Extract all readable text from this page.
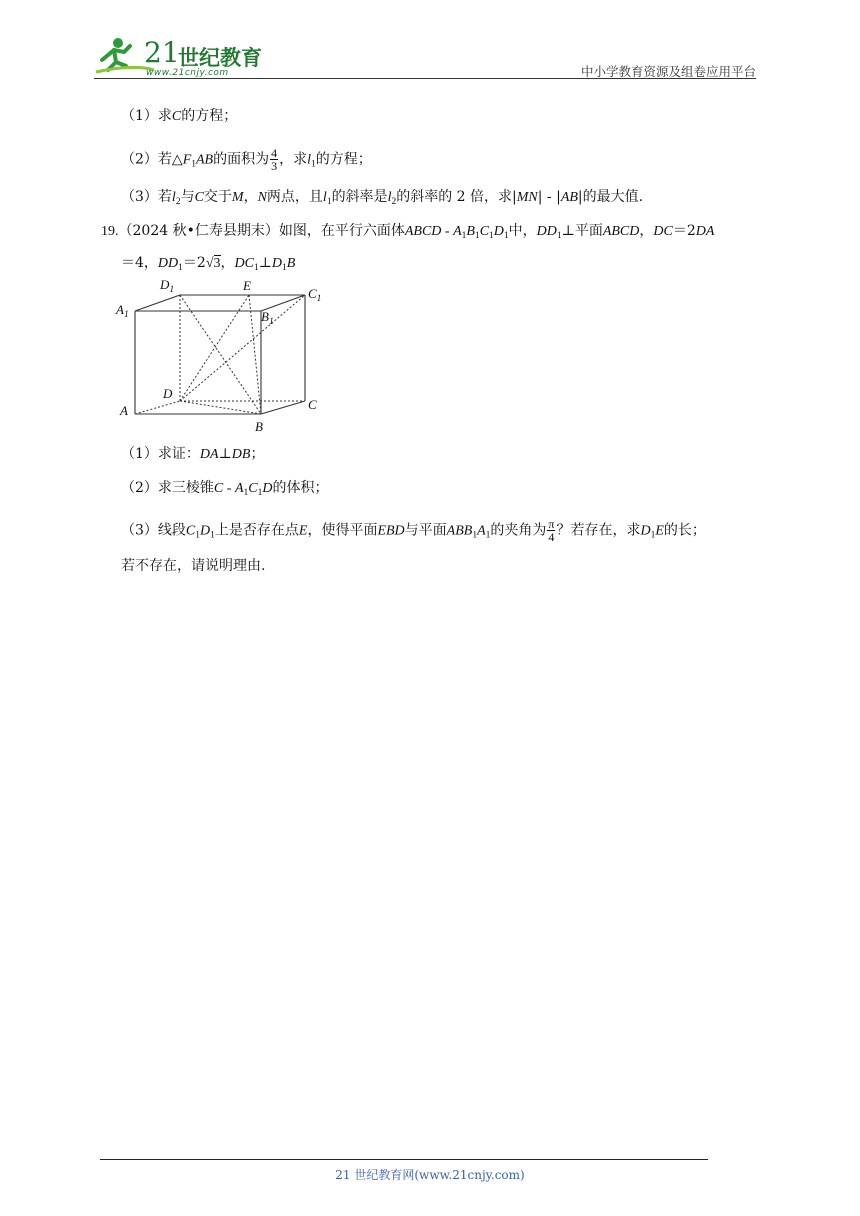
21
世纪教育
www.21cnjy.com	中小学教育资源及组卷应用平台
（1）求C的方程；
（2）若$\triangle F_1AB$的面积为 $\frac{4}{3}$ ，求$l_1$的方程；
（3）若$l_2$与C交于M，N两点，且$l_1$的斜率是$l_2$的斜率的 2 倍，求|MN| - |AB|的最大值.
19.（2024 秋•仁寿县期末）如图，在平行六面体ABCD - $A_1B_1C_1D_1$中，$DD_1\perp$平面ABCD，DC＝2DA
＝4，$DD_1=2√3$，$DC_1\perp D_1B$
$A_1$
$D_1$	E
$C_1$
$B_1$
D
A	C
B
（1）求证：DA⊥DB；
（2）求三棱锥C - $A_1C_1D$的体积；
（3）线段$C_1D_1$上是否存在点E，使得平面EBD与平面$ABB_1A_1$的夹角为 $\frac{\pi}{4}$ ？若存在，求$D_1E$的长；
若不存在，请说明理由.
21 世纪教育网(www.21cnjy.com)
